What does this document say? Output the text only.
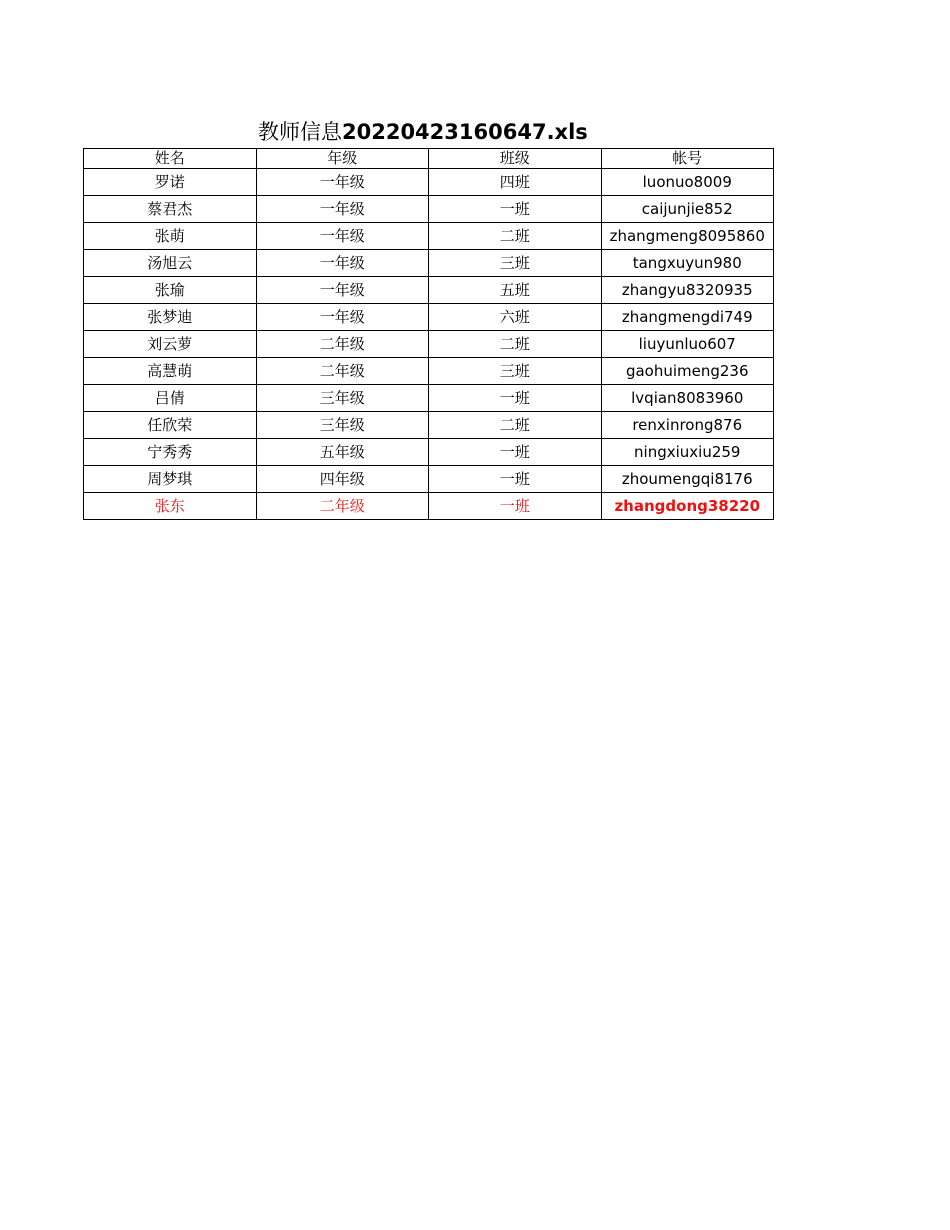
教师信息20220423160647.xls
姓名	年级	班级	帐号
罗诺	一年级	四班	luonuo8009
蔡君杰	一年级	一班	caijunjie852
张萌	一年级	二班	zhangmeng8095860
汤旭云	一年级	三班	tangxuyun980
张瑜	一年级	五班	zhangyu8320935
张梦迪	一年级	六班	zhangmengdi749
刘云萝	二年级	二班	liuyunluo607
高慧萌	二年级	三班	gaohuimeng236
吕倩	三年级	一班	lvqian8083960
任欣荣	三年级	二班	renxinrong876
宁秀秀	五年级	一班	ningxiuxiu259
周梦琪	四年级	一班	zhoumengqi8176
张东	二年级	一班	zhangdong38220
